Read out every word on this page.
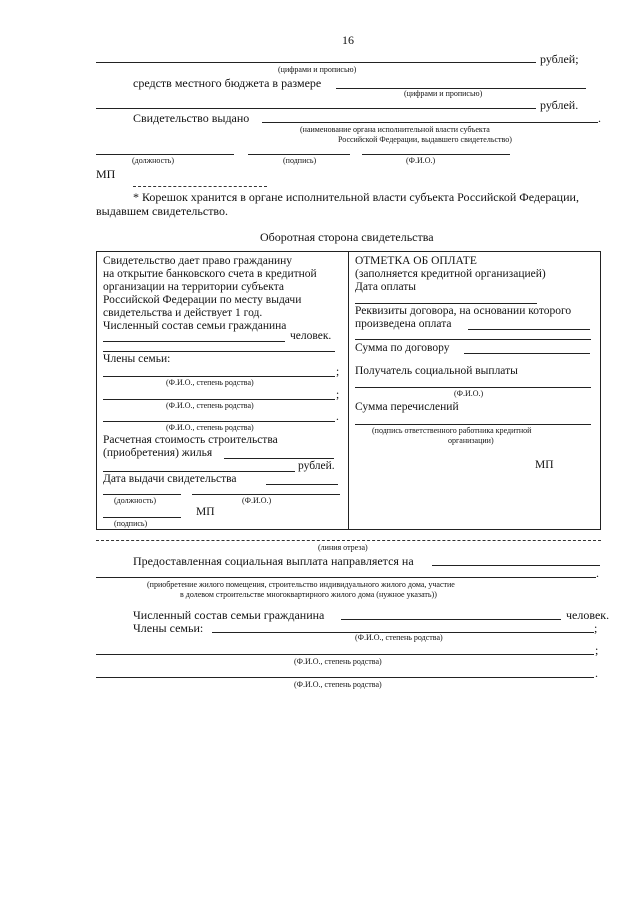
16
рублей;
(цифрами и прописью)
средств местного бюджета в размере
(цифрами и прописью)
рублей.
Свидетельство выдано	.
(наименование органа исполнительной власти субъекта
Российской Федерации, выдавшего свидетельство)
(должность)	(подпись)	(Ф.И.О.)
МП
* Корешок хранится в органе исполнительной власти субъекта Российской Федерации,
выдавшем свидетельство.
Оборотная сторона свидетельства
Свидетельство дает право гражданину
на открытие банковского счета в кредитной
организации на территории субъекта
Российской Федерации по месту выдачи
свидетельства и действует 1 год.
Численный состав семьи гражданина
человек.
Члены семьи:
;
(Ф.И.О., степень родства)
;
(Ф.И.О., степень родства)
.
(Ф.И.О., степень родства)
Расчетная стоимость строительства
(приобретения) жилья
рублей.
Дата выдачи свидетельства
(должность)	(Ф.И.О.)
МП
(подпись)
ОТМЕТКА ОБ ОПЛАТЕ
(заполняется кредитной организацией)
Дата оплаты
Реквизиты договора, на основании которого
произведена оплата
Сумма по договору
Получатель социальной выплаты
(Ф.И.О.)
Сумма перечислений
(подпись ответственного работника кредитной
организации)
МП
(линия отреза)
Предоставленная социальная выплата направляется на
.
(приобретение жилого помещения, строительство индивидуального жилого дома, участие
в долевом строительстве многоквартирного жилого дома (нужное указать))
Численный состав семьи гражданина	человек.
Члены семьи:	;
(Ф.И.О., степень родства)
;
(Ф.И.О., степень родства)
.
(Ф.И.О., степень родства)
